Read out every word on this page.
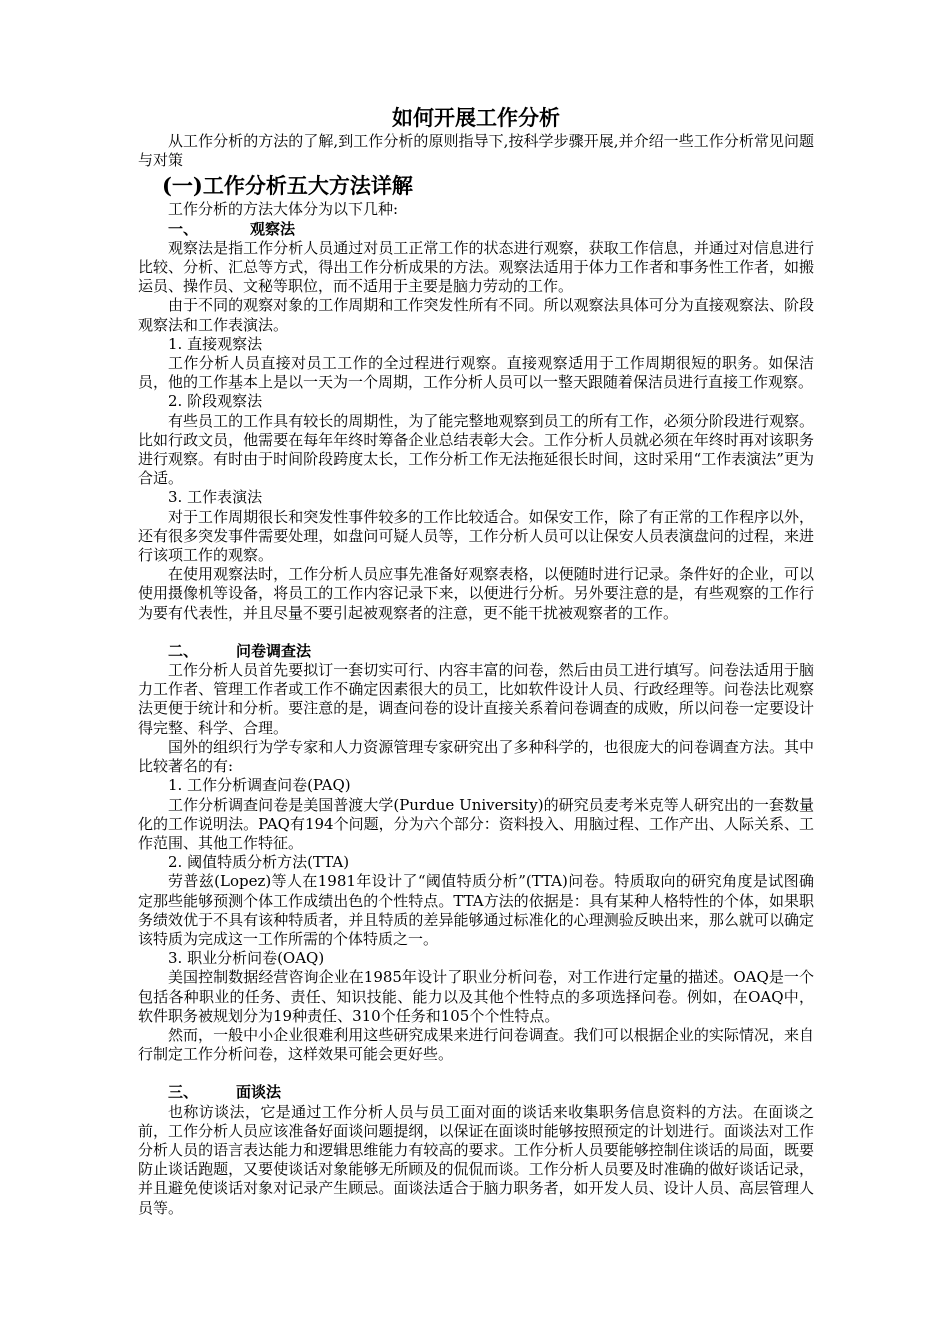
如何开展工作分析

从工作分析的方法的了解,到工作分析的原则指导下,按科学步骤开展,并介绍一些工作分析常见问题与对策

(一)工作分析五大方法详解

工作分析的方法大体分为以下几种:

一、	观察法

观察法是指工作分析人员通过对员工正常工作的状态进行观察，获取工作信息，并通过对信息进行比较、分析、汇总等方式，得出工作分析成果的方法。观察法适用于体力工作者和事务性工作者，如搬运员、操作员、文秘等职位，而不适用于主要是脑力劳动的工作。

由于不同的观察对象的工作周期和工作突发性所有不同。所以观察法具体可分为直接观察法、阶段观察法和工作表演法。

1. 直接观察法

工作分析人员直接对员工工作的全过程进行观察。直接观察适用于工作周期很短的职务。如保洁员，他的工作基本上是以一天为一个周期，工作分析人员可以一整天跟随着保洁员进行直接工作观察。

2. 阶段观察法

有些员工的工作具有较长的周期性，为了能完整地观察到员工的所有工作，必须分阶段进行观察。比如行政文员，他需要在每年年终时筹备企业总结表彰大会。工作分析人员就必须在年终时再对该职务进行观察。有时由于时间阶段跨度太长，工作分析工作无法拖延很长时间，这时采用“工作表演法”更为合适。

3. 工作表演法

对于工作周期很长和突发性事件较多的工作比较适合。如保安工作，除了有正常的工作程序以外，还有很多突发事件需要处理，如盘问可疑人员等，工作分析人员可以让保安人员表演盘问的过程，来进行该项工作的观察。

在使用观察法时，工作分析人员应事先准备好观察表格，以便随时进行记录。条件好的企业，可以使用摄像机等设备，将员工的工作内容记录下来，以便进行分析。另外要注意的是，有些观察的工作行为要有代表性，并且尽量不要引起被观察者的注意，更不能干扰被观察者的工作。

二、	问卷调查法

工作分析人员首先要拟订一套切实可行、内容丰富的问卷，然后由员工进行填写。问卷法适用于脑力工作者、管理工作者或工作不确定因素很大的员工，比如软件设计人员、行政经理等。问卷法比观察法更便于统计和分析。要注意的是，调查问卷的设计直接关系着问卷调查的成败，所以问卷一定要设计得完整、科学、合理。

国外的组织行为学专家和人力资源管理专家研究出了多种科学的，也很庞大的问卷调查方法。其中比较著名的有:

1. 工作分析调查问卷(PAQ)

工作分析调查问卷是美国普渡大学(Purdue University)的研究员麦考米克等人研究出的一套数量化的工作说明法。PAQ有194个问题，分为六个部分：资料投入、用脑过程、工作产出、人际关系、工作范围、其他工作特征。

2. 阈值特质分析方法(TTA)

劳普兹(Lopez)等人在1981年设计了“阈值特质分析”(TTA)问卷。特质取向的研究角度是试图确定那些能够预测个体工作成绩出色的个性特点。TTA方法的依据是：具有某种人格特性的个体，如果职务绩效优于不具有该种特质者，并且特质的差异能够通过标准化的心理测验反映出来，那么就可以确定该特质为完成这一工作所需的个体特质之一。

3. 职业分析问卷(OAQ)

美国控制数据经营咨询企业在1985年设计了职业分析问卷，对工作进行定量的描述。OAQ是一个包括各种职业的任务、责任、知识技能、能力以及其他个性特点的多项选择问卷。例如，在OAQ中，软件职务被规划分为19种责任、310个任务和105个个性特点。

然而，一般中小企业很难利用这些研究成果来进行问卷调查。我们可以根据企业的实际情况，来自行制定工作分析问卷，这样效果可能会更好些。

三、	面谈法

也称访谈法，它是通过工作分析人员与员工面对面的谈话来收集职务信息资料的方法。在面谈之前，工作分析人员应该准备好面谈问题提纲，以保证在面谈时能够按照预定的计划进行。面谈法对工作分析人员的语言表达能力和逻辑思维能力有较高的要求。工作分析人员要能够控制住谈话的局面，既要防止谈话跑题，又要使谈话对象能够无所顾及的侃侃而谈。工作分析人员要及时准确的做好谈话记录，并且避免使谈话对象对记录产生顾忌。面谈法适合于脑力职务者，如开发人员、设计人员、高层管理人员等。
